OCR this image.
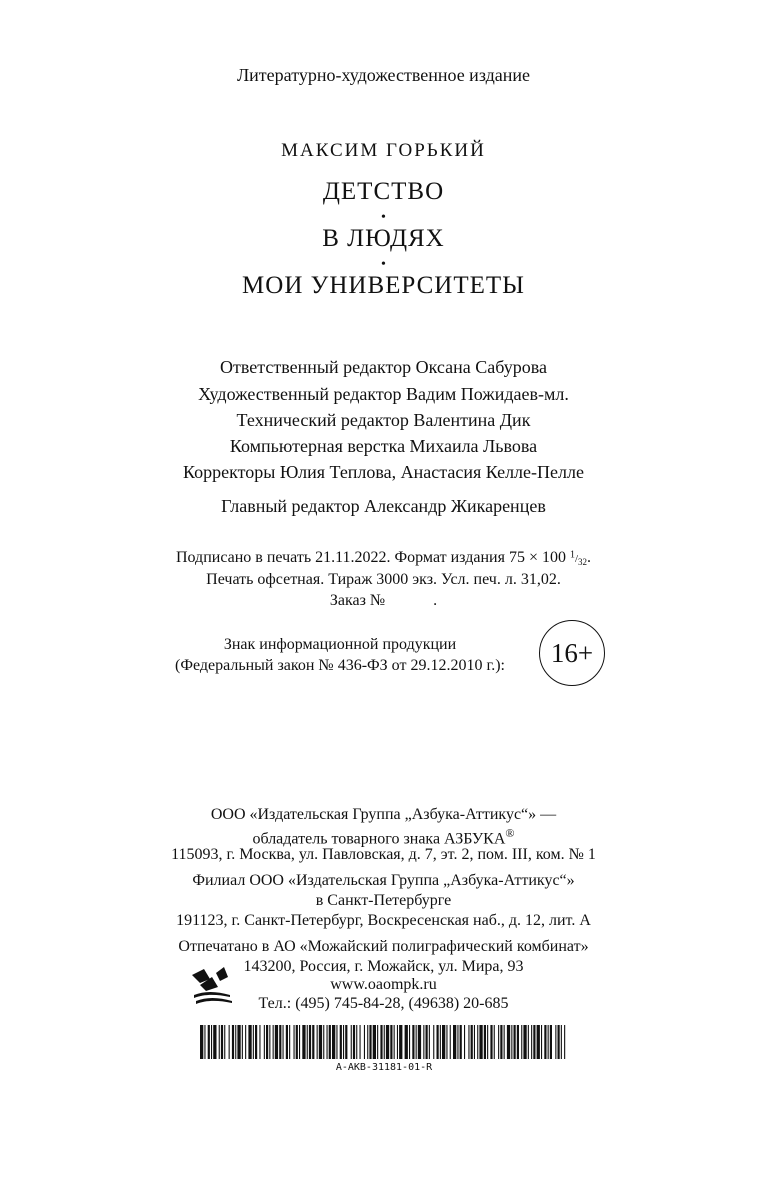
Литературно-художественное издание
МАКСИМ ГОРЬКИЙ
ДЕТСТВО
•
В ЛЮДЯХ
•
МОИ УНИВЕРСИТЕТЫ
Ответственный редактор Оксана Сабурова
Художественный редактор Вадим Пожидаев-мл.
Технический редактор Валентина Дик
Компьютерная верстка Михаила Львова
Корректоры Юлия Теплова, Анастасия Келле-Пелле
Главный редактор Александр Жикаренцев
Подписано в печать 21.11.2022. Формат издания 75 × 100 $^1/_{32}$.
Печать офсетная. Тираж 3000 экз. Усл. печ. л. 31,02.
Заказ №            .
Знак информационной продукции
(Федеральный закон № 436-ФЗ от 29.12.2010 г.):	16+
ООО «Издательская Группа „Азбука-Аттикус“» —
обладатель товарного знака АЗБУКА®
115093, г. Москва, ул. Павловская, д. 7, эт. 2, пом. III, ком. № 1
Филиал ООО «Издательская Группа „Азбука-Аттикус“»
в Санкт-Петербурге
191123, г. Санкт-Петербург, Воскресенская наб., д. 12, лит. А
Отпечатано в АО «Можайский полиграфический комбинат»
143200, Россия, г. Можайск, ул. Мира, 93
www.oaompk.ru
Тел.: (495) 745-84-28, (49638) 20-685
A-AKB-31181-01-R
